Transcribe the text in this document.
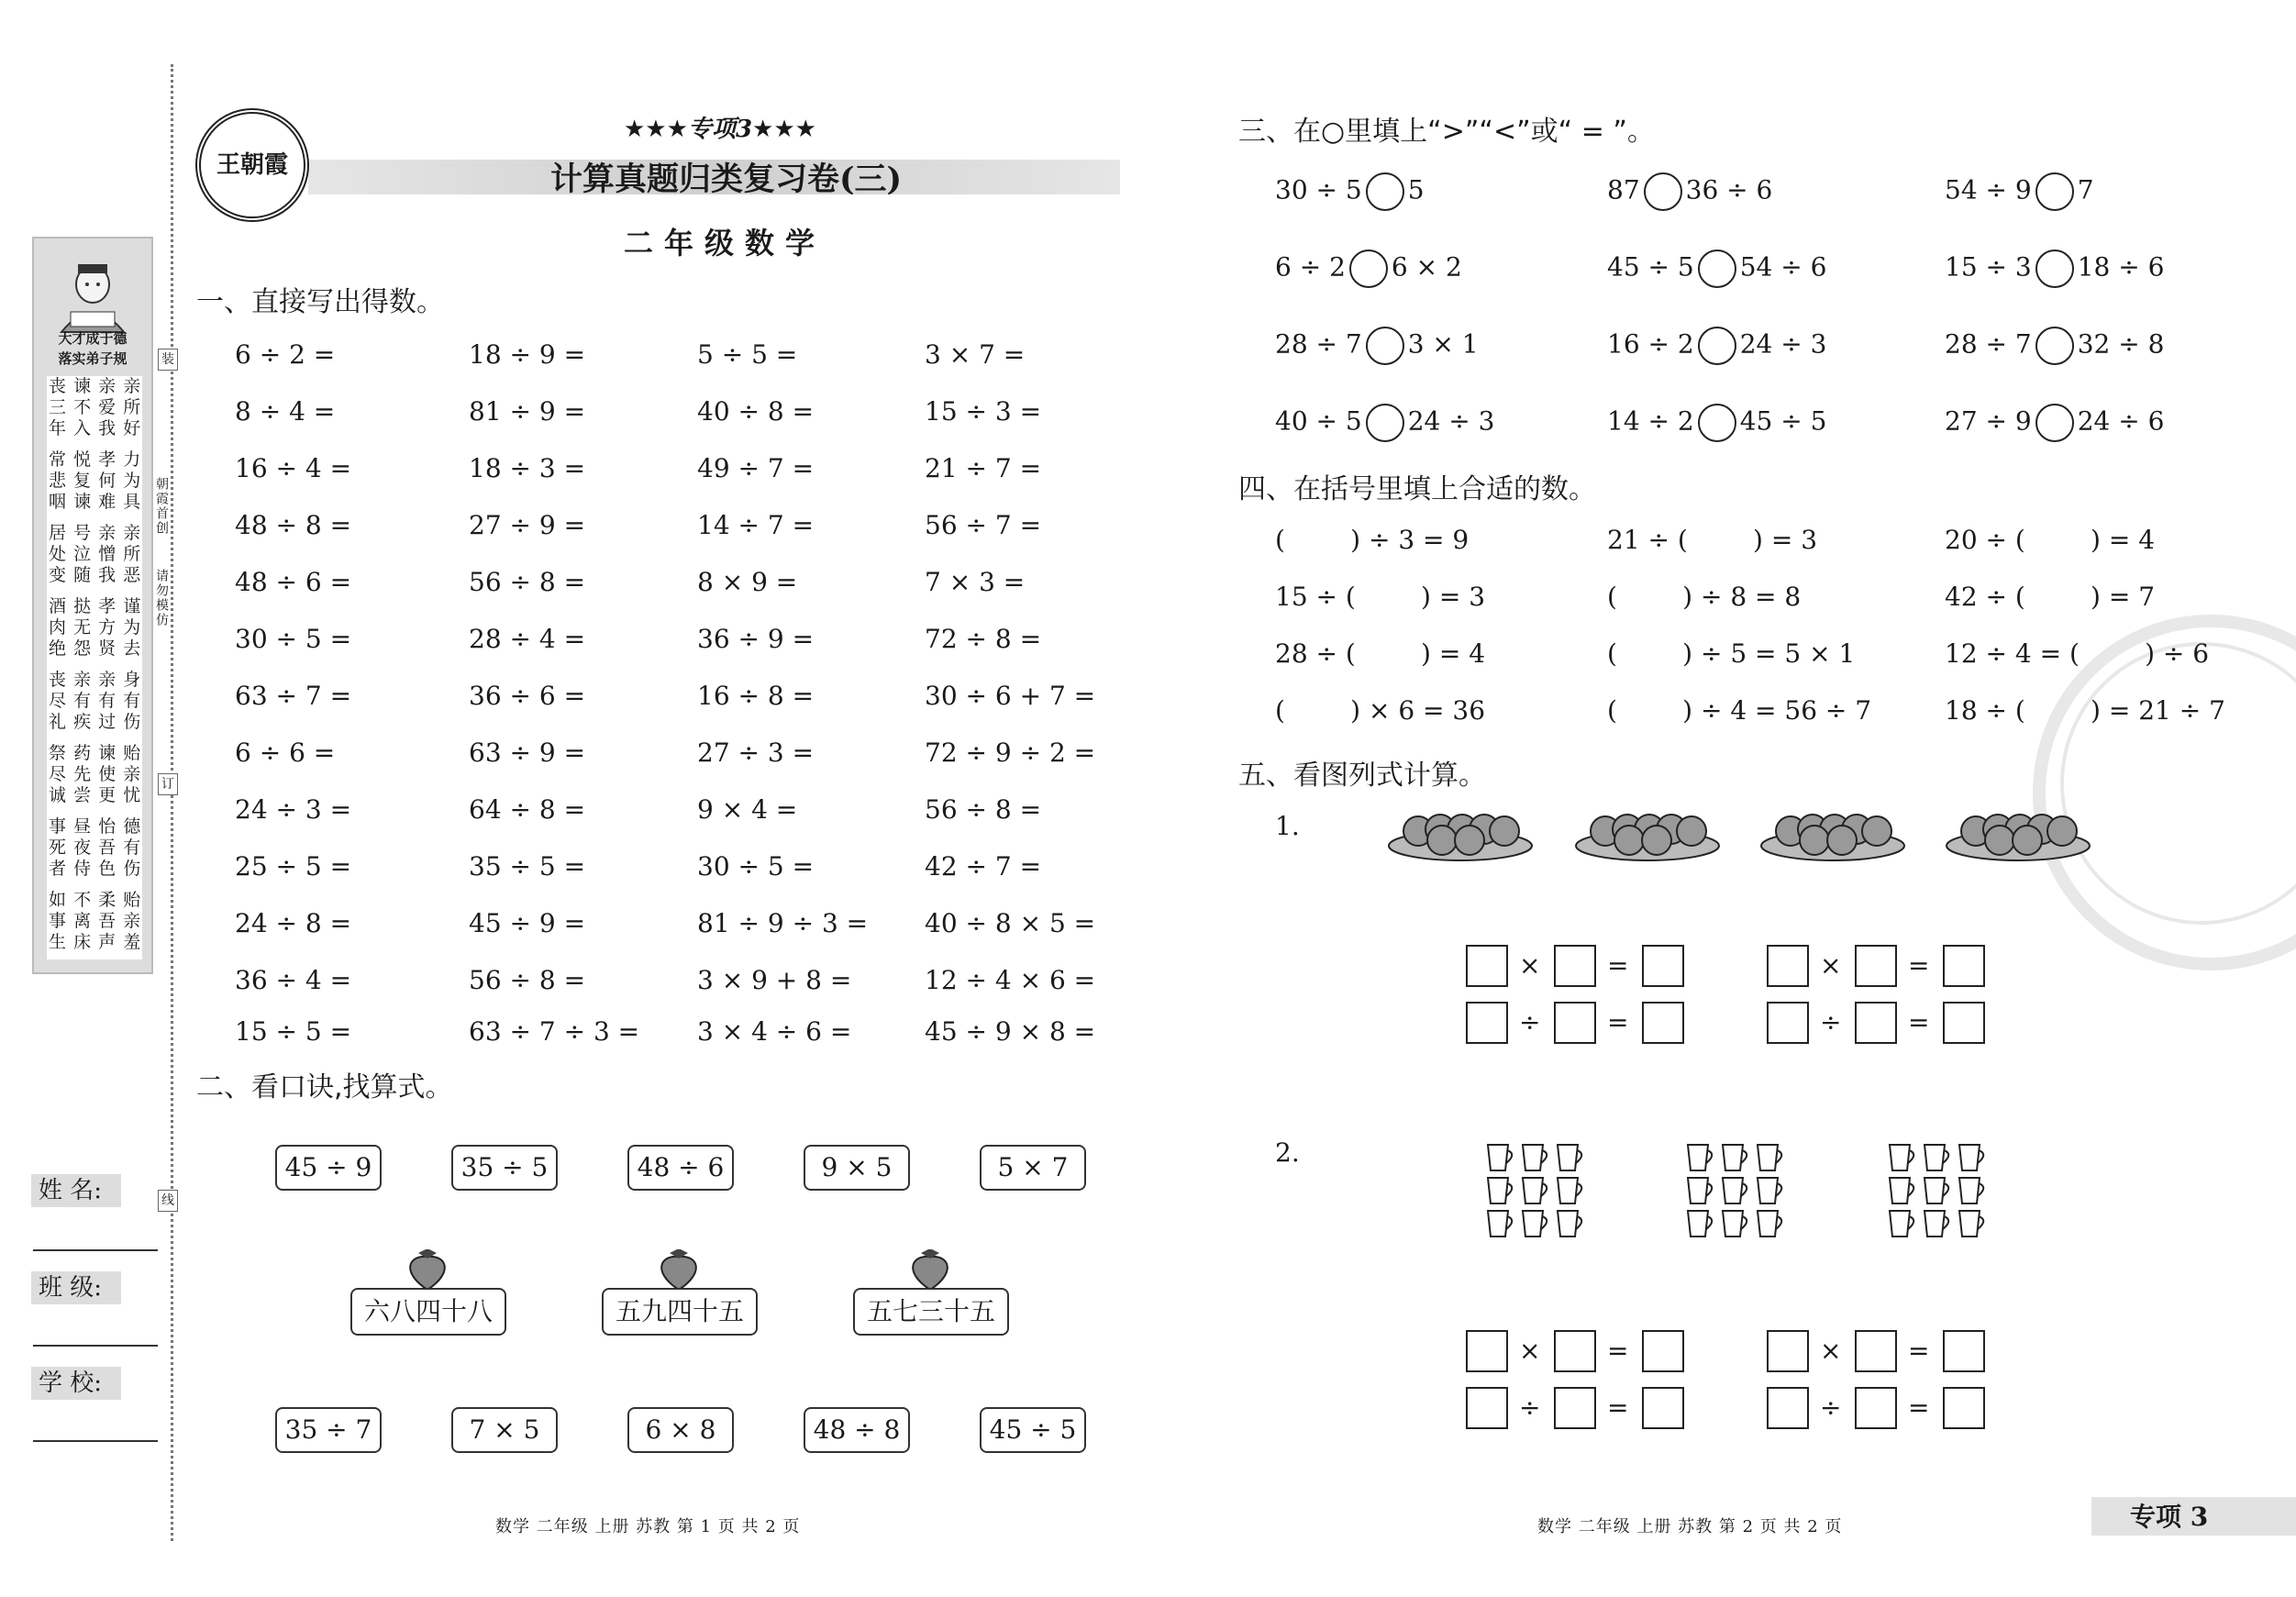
装
订
线
朝霞首创
请勿模仿
大才成于德
落实弟子规
丧 谏 亲 亲
三 不 爱 所
年 入 我 好
常 悦 孝 力
悲 复 何 为
咽 谏 难 具
居 号 亲 亲
处 泣 憎 所
变 随 我 恶
酒 挞 孝 谨
肉 无 方 为
绝 怨 贤 去
丧 亲 亲 身
尽 有 有 有
礼 疾 过 伤
祭 药 谏 贻
尽 先 使 亲
诚 尝 更 忧
事 昼 怡 德
死 夜 吾 有
者 侍 色 伤
如 不 柔 贻
事 离 吾 亲
生 床 声 羞
姓 名:
班 级:
学 校:
王朝霞
★★★专项3★★★
计算真题归类复习卷(三)
二年级数学
一、直接写出得数。
6 ÷ 2 =	18 ÷ 9 =	5 ÷ 5 =	3 × 7 =
8 ÷ 4 =	81 ÷ 9 =	40 ÷ 8 =	15 ÷ 3 =
16 ÷ 4 =	18 ÷ 3 =	49 ÷ 7 =	21 ÷ 7 =
48 ÷ 8 =	27 ÷ 9 =	14 ÷ 7 =	56 ÷ 7 =
48 ÷ 6 =	56 ÷ 8 =	8 × 9 =	7 × 3 =
30 ÷ 5 =	28 ÷ 4 =	36 ÷ 9 =	72 ÷ 8 =
63 ÷ 7 =	36 ÷ 6 =	16 ÷ 8 =	30 ÷ 6 + 7 =
6 ÷ 6 =	63 ÷ 9 =	27 ÷ 3 =	72 ÷ 9 ÷ 2 =
24 ÷ 3 =	64 ÷ 8 =	9 × 4 =	56 ÷ 8 =
25 ÷ 5 =	35 ÷ 5 =	30 ÷ 5 =	42 ÷ 7 =
24 ÷ 8 =	45 ÷ 9 =	81 ÷ 9 ÷ 3 = 40 ÷ 8 × 5 =
36 ÷ 4 =	56 ÷ 8 =	3 × 9 + 8 =	12 ÷ 4 × 6 =
15 ÷ 5 =	63 ÷ 7 ÷ 3 = 3 × 4 ÷ 6 =	45 ÷ 9 × 8 =
二、看口诀,找算式。
45 ÷ 9	35 ÷ 5	48 ÷ 6	9 × 5	5 × 7
六八四十八	五九四十五	五七三十五
35 ÷ 7	7 × 5	6 × 8	48 ÷ 8	45 ÷ 5
数学 二年级 上册 苏教 第 1 页 共 2 页
三、在○里填上“>”“<”或“ = ”。
30 ÷ 5 5	87 36 ÷ 6	54 ÷ 9 7
6 ÷ 2 6 × 2	45 ÷ 5 54 ÷ 6	15 ÷ 3 18 ÷ 6
28 ÷ 7 3 × 1	16 ÷ 2 24 ÷ 3	28 ÷ 7 32 ÷ 8
40 ÷ 5 24 ÷ 3	14 ÷ 2 45 ÷ 5	27 ÷ 9 24 ÷ 6
四、在括号里填上合适的数。
(        ) ÷ 3 = 9	21 ÷ (        ) = 3	20 ÷ (        ) = 4
15 ÷ (        ) = 3	(        ) ÷ 8 = 8	42 ÷ (        ) = 7
28 ÷ (        ) = 4	(        ) ÷ 5 = 5 × 1	12 ÷ 4 = (        ) ÷ 6
(        ) × 6 = 36	(        ) ÷ 4 = 56 ÷ 7	18 ÷ (        ) = 21 ÷ 7
五、看图列式计算。
1.
2.
×	=
÷	=
×	=
÷	=
×	=
÷	=
×	=
÷	=
数学 二年级 上册 苏教 第 2 页 共 2 页	专项 3
